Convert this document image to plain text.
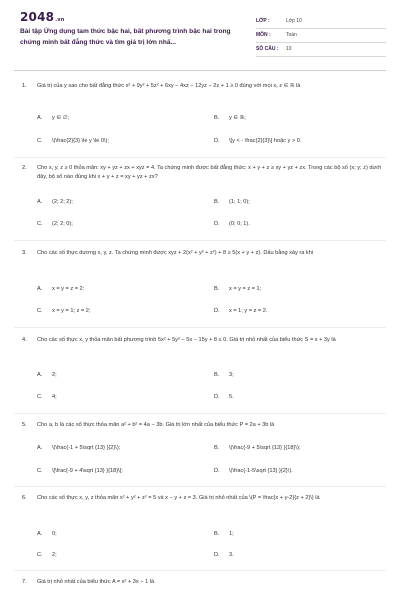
2048.vn
Bài tập Ứng dụng tam thức bậc hai, bất phương trình bậc hai trong chứng minh bất đẳng thức và tìm giá trị lớn nhấ...
LỚP :	Lớp 10
MÔN :	Toán
SỐ CÂU :	10
1. Giá trị của y sao cho bất đẳng thức x² + 9y² + 5z² + 6xy − 4xz − 12yz − 2z + 1 ≥ 0 đúng với mọi x, z ∈ ℝ là
A. y ∈ ∅;	B. y ∈ ℝ;
C. \(\frac{2}{3} \le y \le 0\);	D. \[y < - \frac{2}{3}\] hoặc y > 0.
2. Cho x, y, z ≥ 0 thỏa mãn: xy + yz + zx + xyz = 4. Ta chứng minh được bất đẳng thức: x + y + z ≥ xy + yz + zx. Trong các bộ số (x; y; z) dưới đây, bộ số nào đúng khi x + y + z = xy + yz + zx?
A. (2; 2; 2);	B. (1; 1; 0);
C. (2; 2; 0);	D. (0; 0; 1).
3. Cho các số thực dương x, y, z. Ta chứng minh được xyz + 2(x² + y² + z²) + 8 ≥ 5(x + y + z). Dấu bằng xảy ra khi
A. x = y = z = 2;	B. x = y = z = 1;
C. x = y = 1; z = 2;	D. x = 1; y = z = 2.
4. Cho các số thực x, y thỏa mãn bất phương trình 5x² + 5y² − 5x − 15y + 8 ≤ 0. Giá trị nhỏ nhất của biểu thức S = x + 3y là
A. 2;	B. 3;
C. 4;	D. 5.
5. Cho a, b là các số thực thỏa mãn a² + b² = 4a − 3b. Giá trị lớn nhất của biểu thức P = 2a + 3b là
A. \(\frac{-1 + 5\sqrt {13} }{2}\);	B. \(\frac{-9 + 5\sqrt {13} }{18}\);
C. \[\frac{-9 + 4\sqrt {13} }{18}\];	D. \(\frac{-1-5\sqrt {13} }{2}\).
6. Cho các số thực x, y, z thỏa mãn x² + y² + z² = 5 và x − y + z = 3. Giá trị nhỏ nhất của \(P = \frac{x + y-2}{z + 2}\) là
A. 0;	B. 1;
C. 2;	D. 3.
7. Giá trị nhỏ nhất của biểu thức A = x² + 3x − 1 là
